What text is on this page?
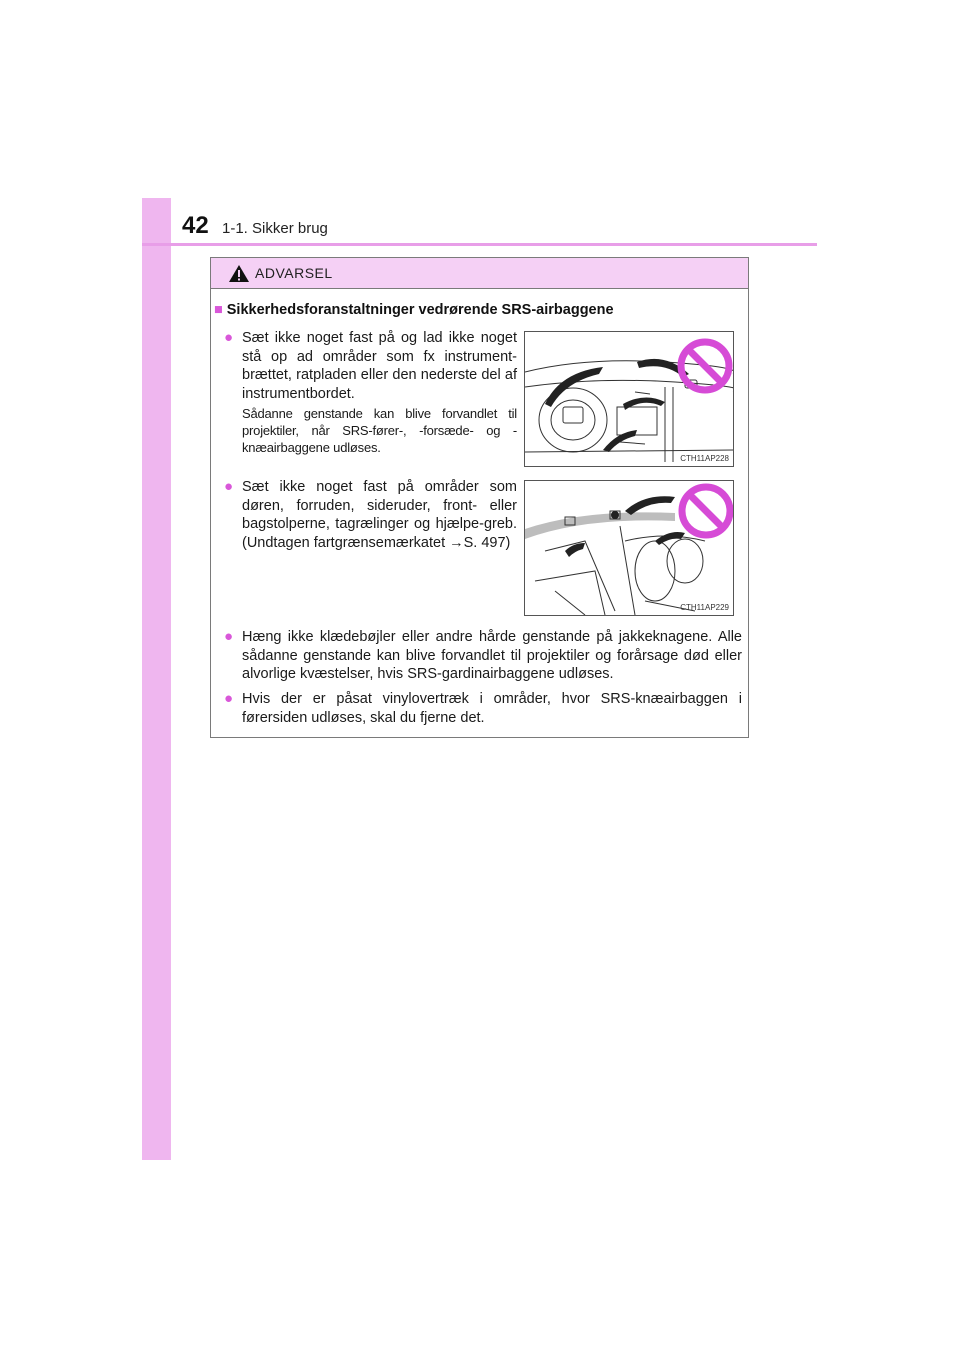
42 1-1. Sikker brug
ADVARSEL
■ Sikkerhedsforanstaltninger vedrørende SRS-airbaggene
● Sæt ikke noget fast på og lad ikke noget stå op ad områder som fx instrument-brættet, ratpladen eller den nederste del af instrumentbordet.
Sådanne genstande kan blive forvandlet til projektiler, når SRS-fører-, -forsæde- og -knæairbaggene udløses.
CTH11AP228
● Sæt ikke noget fast på områder som døren, forruden, sideruder, front- eller bagstolperne, tagrælinger og hjælpe-greb. (Undtagen fartgrænsemærkatet →S. 497)
CTH11AP229
● Hæng ikke klædebøjler eller andre hårde genstande på jakkeknagene. Alle sådanne genstande kan blive forvandlet til projektiler og forårsage død eller alvorlige kvæstelser, hvis SRS-gardinairbaggene udløses.
● Hvis der er påsat vinylovertræk i områder, hvor SRS-knæairbaggen i førersiden udløses, skal du fjerne det.
